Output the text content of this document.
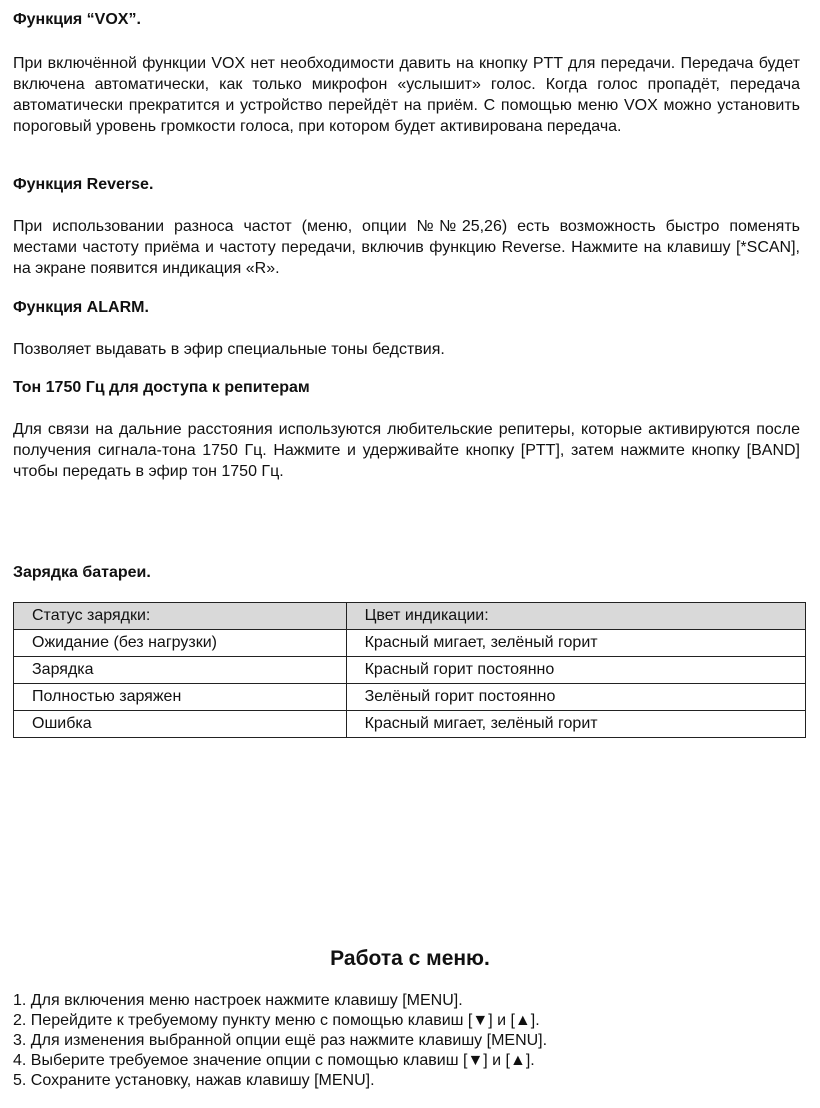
Функция “VOX”.

При включённой функции VOX нет необходимости давить на кнопку PTT для передачи. Передача будет включена автоматически, как только микрофон «услышит» голос. Когда голос пропадёт, передача автоматически прекратится и устройство перейдёт на приём. С помощью меню VOX можно установить пороговый уровень громкости голоса, при котором будет активирована передача.

Функция Reverse.

При использовании разноса частот (меню, опции №№25,26) есть возможность быстро поменять местами частоту приёма и частоту передачи, включив функцию Reverse. Нажмите на клавишу [*SCAN], на экране появится индикация «R».

Функция ALARM.

Позволяет выдавать в эфир специальные тоны бедствия.

Тон 1750 Гц для доступа к репитерам

Для связи на дальние расстояния используются любительские репитеры, которые активируются после получения сигнала-тона 1750 Гц. Нажмите и удерживайте кнопку [PTT], затем нажмите кнопку [BAND] чтобы передать в эфир тон 1750 Гц.

Зарядка батареи.

Статус зарядки:	Цвет индикации:
Ожидание (без нагрузки)	Красный мигает, зелёный горит
Зарядка	Красный горит постоянно
Полностью заряжен	Зелёный горит постоянно
Ошибка	Красный мигает, зелёный горит

Работа с меню.

1. Для включения меню настроек нажмите клавишу [MENU].
2. Перейдите к требуемому пункту меню с помощью клавиш [▼] и [▲].
3. Для изменения выбранной опции ещё раз нажмите клавишу [MENU].
4. Выберите требуемое значение опции с помощью клавиш [▼] и [▲].
5. Сохраните установку, нажав клавишу [MENU].
